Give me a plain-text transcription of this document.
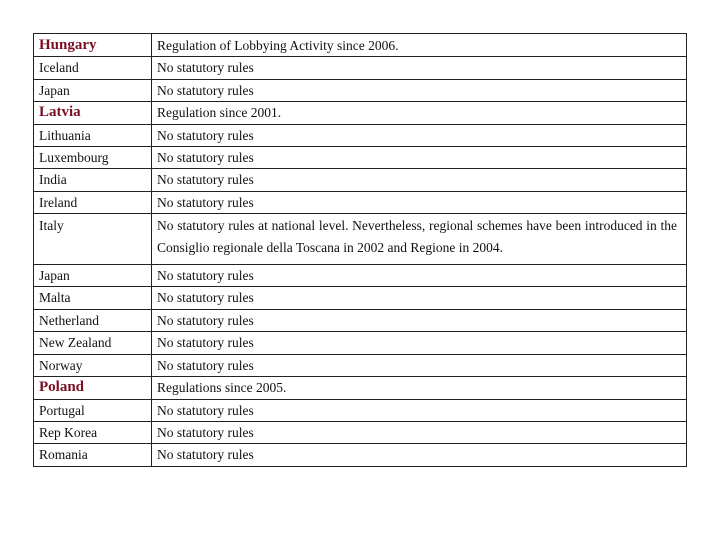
Hungary	Regulation of Lobbying Activity since 2006.
Iceland	No statutory rules
Japan	No statutory rules
Latvia	Regulation since 2001.
Lithuania	No statutory rules
Luxembourg	No statutory rules
India	No statutory rules
Ireland	No statutory rules
Italy	No statutory rules at national level. Nevertheless, regional schemes have been introduced in the Consiglio regionale della Toscana in 2002 and Regione in 2004.
Japan	No statutory rules
Malta	No statutory rules
Netherland	No statutory rules
New Zealand	No statutory rules
Norway	No statutory rules
Poland	Regulations since 2005.
Portugal	No statutory rules
Rep Korea	No statutory rules
Romania	No statutory rules
